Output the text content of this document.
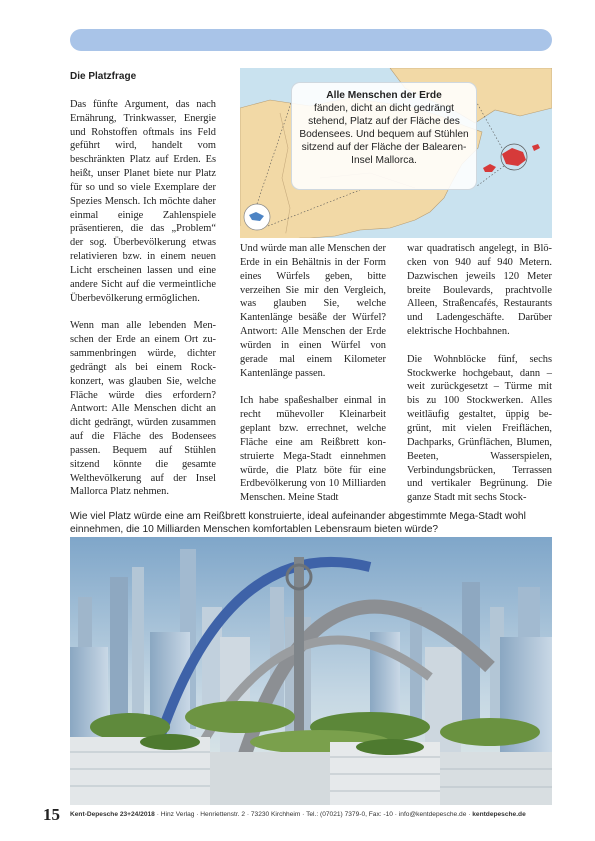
Die Platzfrage

Das fünfte Argument, das nach Ernährung, Trinkwasser, Energie und Rohstoffen oftmals ins Feld geführt wird, handelt vom beschränkten Platz auf Erden. Es heißt, unser Planet biete nur Platz für so und so viele Exemplare der Spezies Mensch. Ich möchte daher einmal einige Zahlenspiele präsentieren, die das „Problem“ der sog. Überbevölkerung etwas relativieren bzw. in einem neuen Licht erscheinen lassen und eine andere Sicht auf die vermeintliche Überbevölkerung ermöglichen.

Wenn man alle lebenden Menschen der Erde an einem Ort zusammenbringen würde, dichter gedrängt als bei einem Rockkonzert, was glauben Sie, welche Fläche würde dies erfordern? Antwort: Alle Menschen dicht an dicht gedrängt, würden zusammen auf die Fläche des Bodensees passen. Bequem auf Stühlen sitzend könnte die gesamte Welthevölkerung auf der Insel Mallorca Platz nehmen.

Alle Menschen der Erde
fänden, dicht an dicht gedrängt stehend, Platz auf der Fläche des Bodensees. Und bequem auf Stühlen sitzend auf der Fläche der Balearen-Insel Mallorca.

Und würde man alle Menschen der Erde in ein Behältnis in der Form eines Würfels geben, bitte verzeihen Sie mir den Vergleich, was glauben Sie, welche Kantenlänge besäße der Würfel? Antwort: Alle Menschen der Erde würden in einen Würfel von gerade mal einem Kilometer Kantenlänge passen.

Ich habe spaßeshalber einmal in recht mühevoller Kleinarbeit geplant bzw. errechnet, welche Fläche eine am Reißbrett konstruierte Mega-Stadt einnehmen würde, die Platz böte für eine Erdbevölkerung von 10 Milliarden Menschen. Meine Stadt

war quadratisch angelegt, in Blöcken von 940 auf 940 Metern. Dazwischen jeweils 120 Meter breite Boulevards, prachtvolle Alleen, Straßencafés, Restaurants und Ladengeschäfte. Darüber elektrische Hochbahnen.

Die Wohnblöcke fünf, sechs Stockwerke hochgebaut, dann – weit zurückgesetzt – Türme mit bis zu 100 Stockwerken. Alles weitläufig gestaltet, üppig begrünt, mit vielen Freiflächen, Dachparks, Grünflächen, Blumen, Beeten, Wasserspielen, Verbindungsbrücken, Terrassen und vertikaler Begrünung. Die ganze Stadt mit sechs Stock-

Wie viel Platz würde eine am Reißbrett konstruierte, ideal aufeinander abgestimmte Mega-Stadt wohl einnehmen, die 10 Milliarden Menschen komfortablen Lebensraum bieten würde?
15 Kent-Depesche 23+24/2018 · Hinz Verlag · Henriettenstr. 2 · 73230 Kirchheim · Tel.: (07021) 7379-0, Fax: -10 · info@kentdepesche.de · kentdepesche.de
